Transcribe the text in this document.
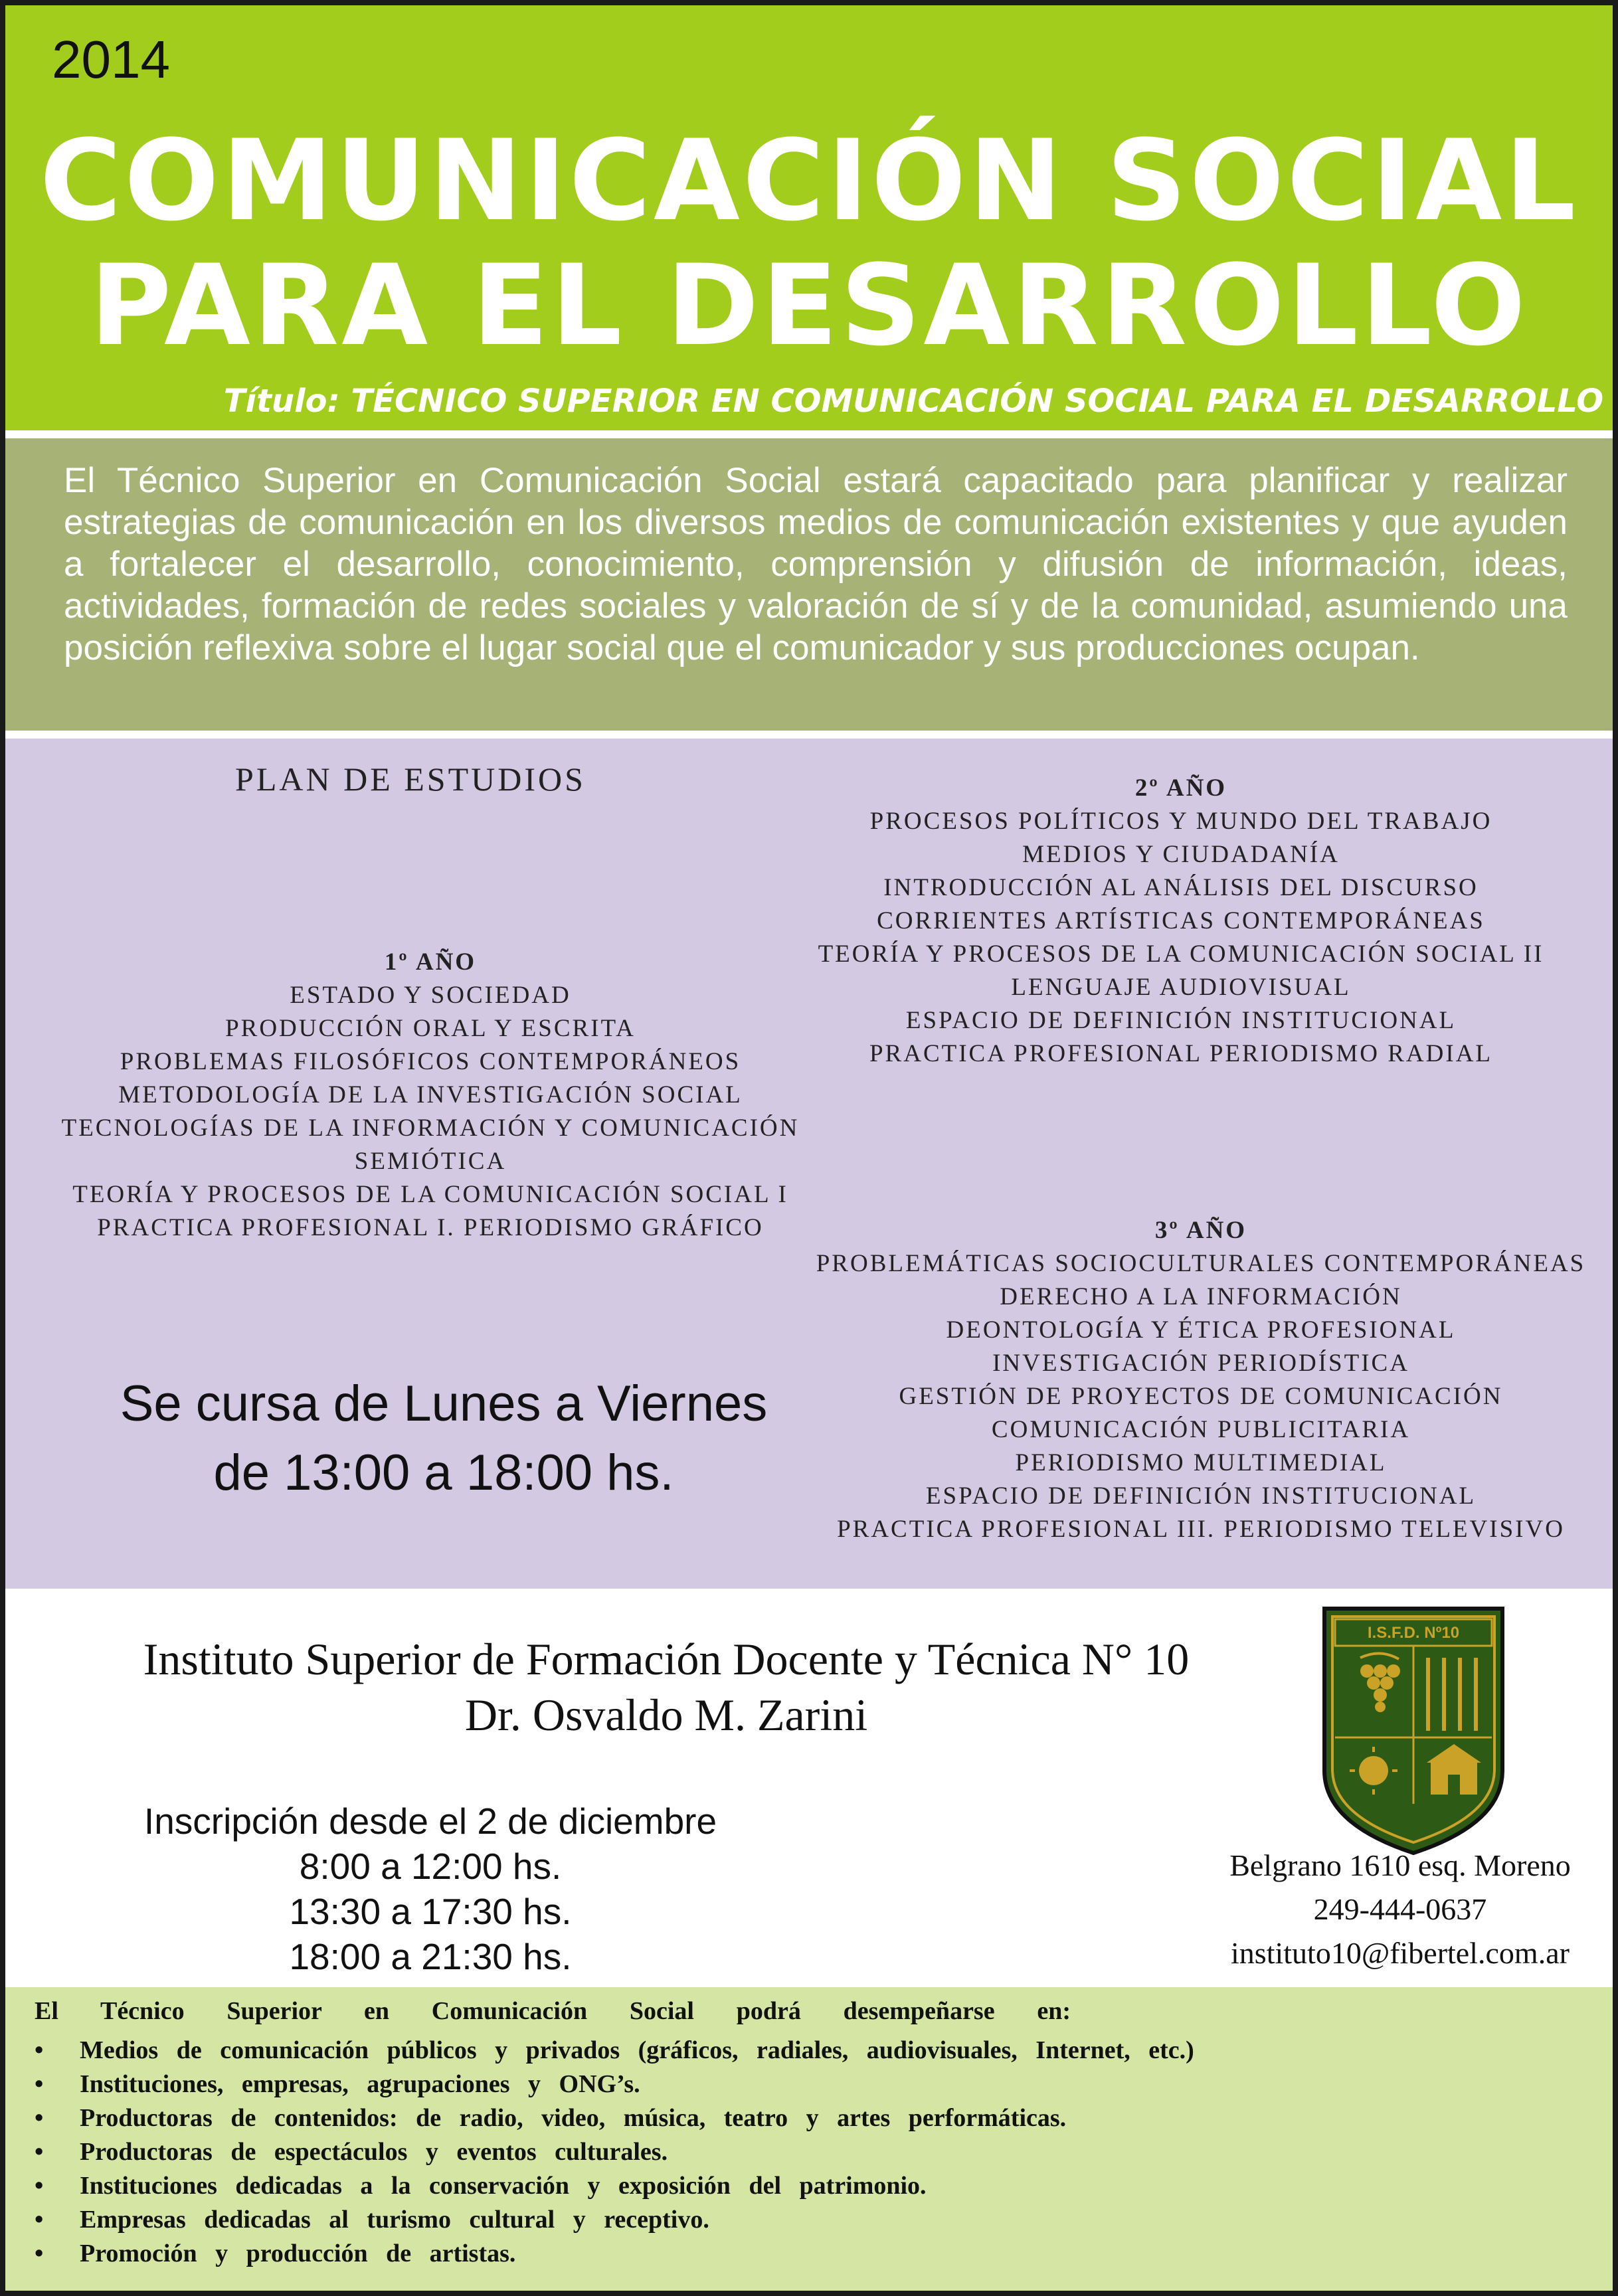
2014
COMUNICACIÓN SOCIAL
PARA EL DESARROLLO
Título: TÉCNICO SUPERIOR EN COMUNICACIÓN SOCIAL PARA EL DESARROLLO
El Técnico Superior en Comunicación Social estará capacitado para planificar y realizar estrategias de comunicación en los diversos medios de comunicación existentes y que ayuden a fortalecer el desarrollo, conocimiento, comprensión y difusión de información, ideas, actividades, formación de redes sociales y valoración de sí y de la comunidad, asumiendo una posición reflexiva sobre el lugar social que el comunicador y sus producciones ocupan.
PLAN DE ESTUDIOS
1º AÑO
ESTADO Y SOCIEDAD
PRODUCCIÓN ORAL Y ESCRITA
PROBLEMAS FILOSÓFICOS CONTEMPORÁNEOS
METODOLOGÍA DE LA INVESTIGACIÓN SOCIAL
TECNOLOGÍAS DE LA INFORMACIÓN Y COMUNICACIÓN
SEMIÓTICA
TEORÍA Y PROCESOS DE LA COMUNICACIÓN SOCIAL I
PRACTICA PROFESIONAL I. PERIODISMO GRÁFICO
2º AÑO
PROCESOS POLÍTICOS Y MUNDO DEL TRABAJO
MEDIOS Y CIUDADANÍA
INTRODUCCIÓN AL ANÁLISIS DEL DISCURSO
CORRIENTES ARTÍSTICAS CONTEMPORÁNEAS
TEORÍA Y PROCESOS DE LA COMUNICACIÓN SOCIAL II
LENGUAJE AUDIOVISUAL
ESPACIO DE DEFINICIÓN INSTITUCIONAL
PRACTICA PROFESIONAL PERIODISMO RADIAL
3º AÑO
PROBLEMÁTICAS SOCIOCULTURALES CONTEMPORÁNEAS
DERECHO A LA INFORMACIÓN
DEONTOLOGÍA Y ÉTICA PROFESIONAL
INVESTIGACIÓN PERIODÍSTICA
GESTIÓN DE PROYECTOS DE COMUNICACIÓN
COMUNICACIÓN PUBLICITARIA
PERIODISMO MULTIMEDIAL
ESPACIO DE DEFINICIÓN INSTITUCIONAL
PRACTICA PROFESIONAL III. PERIODISMO TELEVISIVO
Se cursa de Lunes a Viernes
de 13:00 a 18:00 hs.
Instituto Superior de Formación Docente y Técnica N° 10
Dr. Osvaldo M. Zarini
I.S.F.D. Nº10
Inscripción desde el 2 de diciembre
8:00 a 12:00 hs.
13:30 a 17:30 hs.
18:00 a 21:30 hs.
Belgrano 1610 esq. Moreno
249-444-0637
instituto10@fibertel.com.ar
El Técnico Superior en Comunicación Social podrá desempeñarse en:
• Medios de comunicación públicos y privados (gráficos, radiales, audiovisuales, Internet, etc.)
• Instituciones, empresas, agrupaciones y ONG’s.
• Productoras de contenidos: de radio, video, música, teatro y artes performáticas.
• Productoras de espectáculos y eventos culturales.
• Instituciones dedicadas a la conservación y exposición del patrimonio.
• Empresas dedicadas al turismo cultural y receptivo.
• Promoción y producción de artistas.
